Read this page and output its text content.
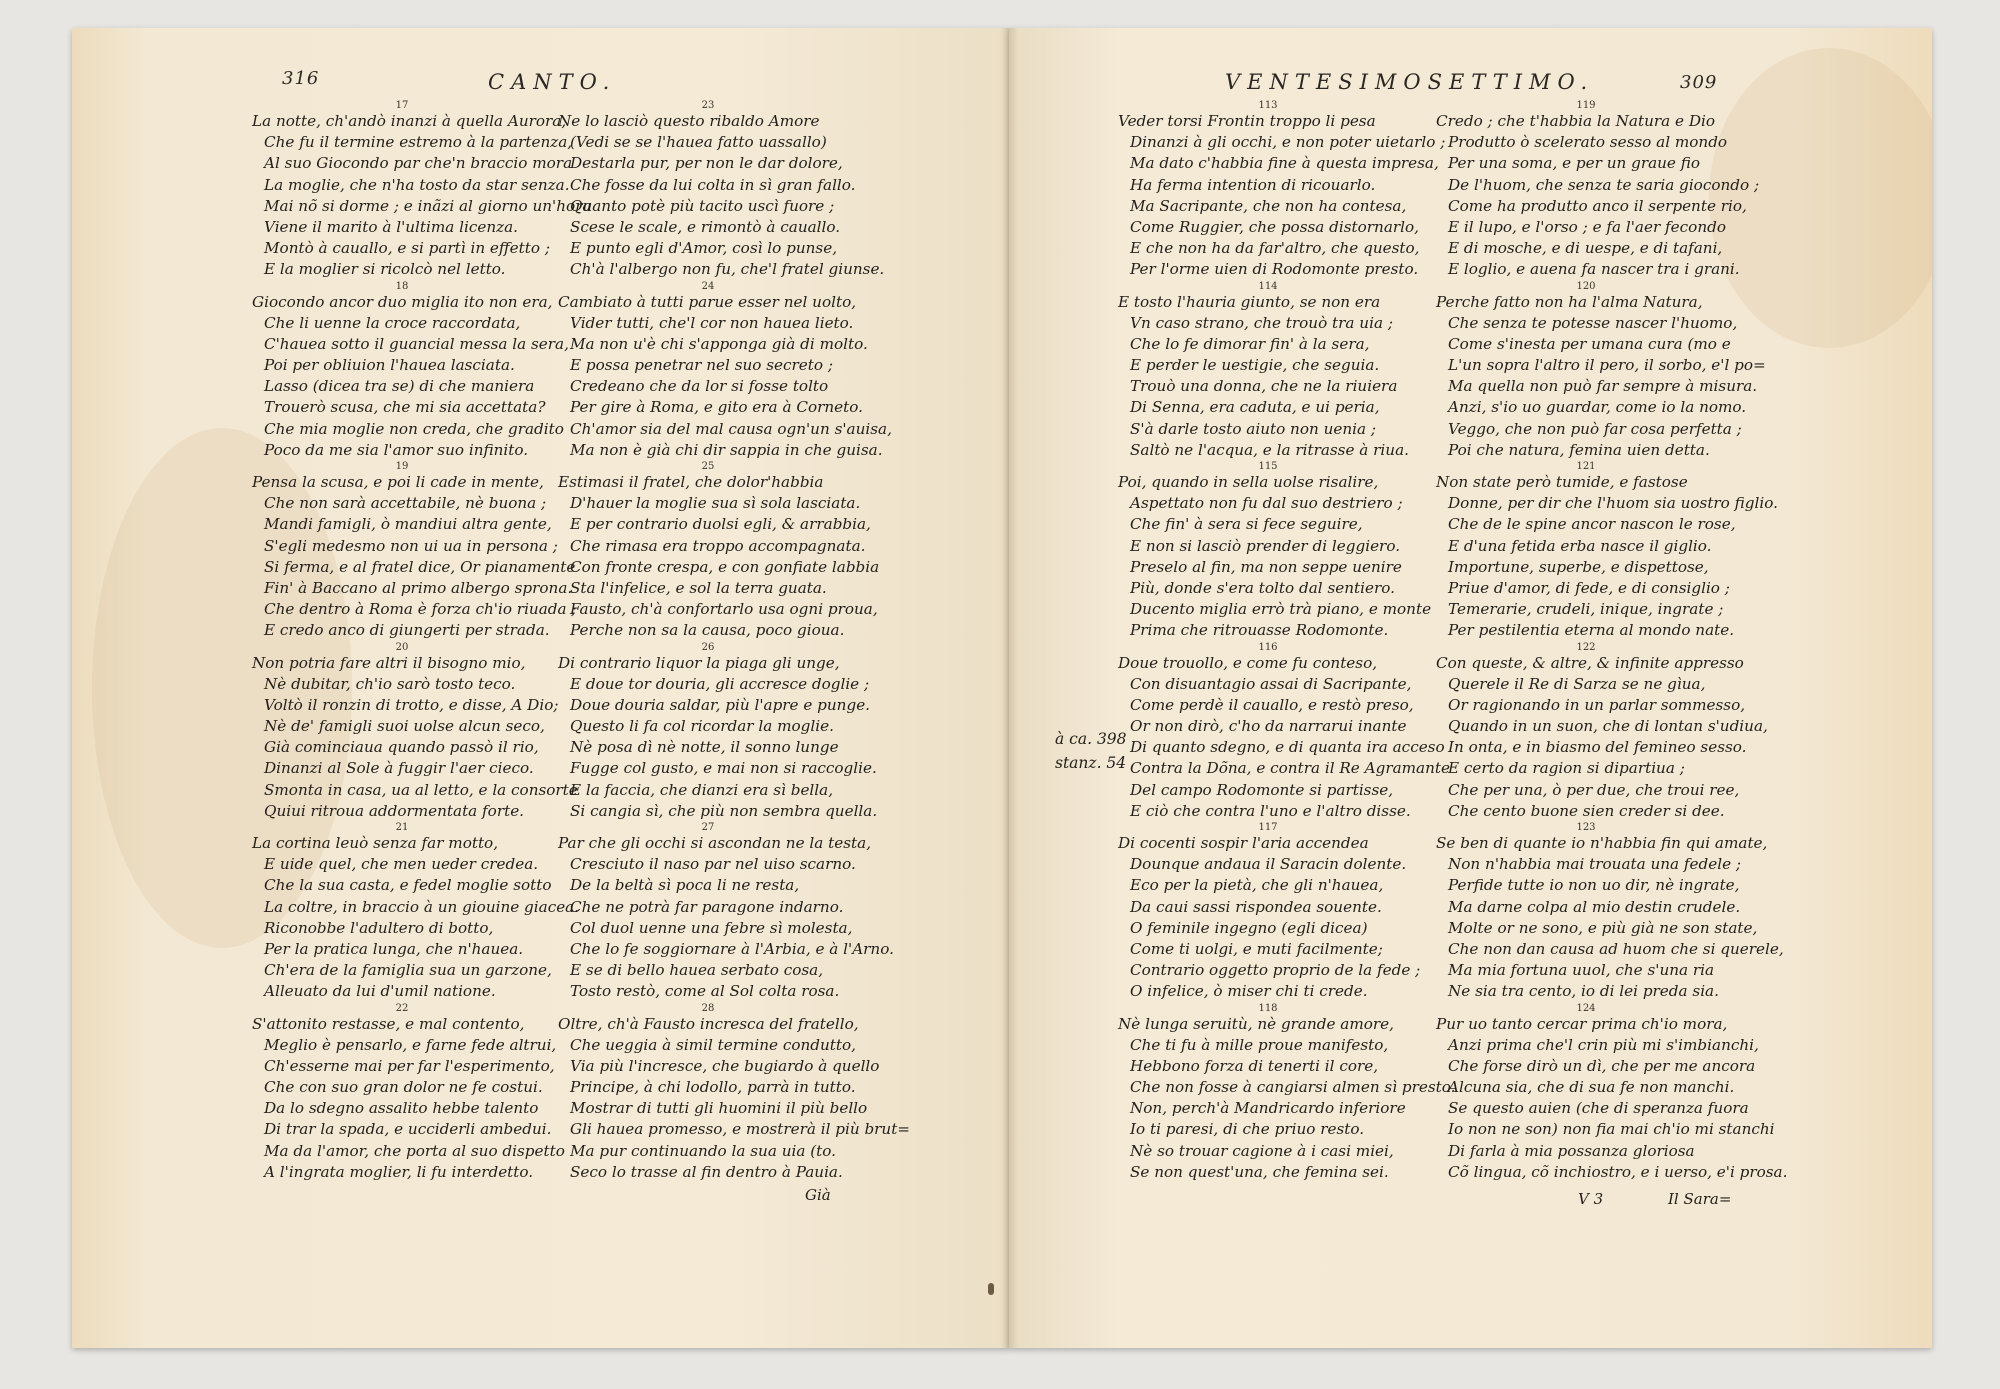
316	CANTO.	VENTESIMOSETTIMO.	309
17
La notte, ch'andò inanzi à quella Aurora,
Che fu il termine estremo à la partenza,
Al suo Giocondo par che'n braccio mora
La moglie, che n'ha tosto da star senza.
Mai nõ si dorme ; e inãzi al giorno un'hora
Viene il marito à l'ultima licenza.
Montò à cauallo, e si partì in effetto ;
E la moglier si ricolcò nel letto.
18
Giocondo ancor duo miglia ito non era,
Che li uenne la croce raccordata,
C'hauea sotto il guancial messa la sera,
Poi per obliuion l'hauea lasciata.
Lasso (dicea tra se) di che maniera
Trouerò scusa, che mi sia accettata?
Che mia moglie non creda, che gradito
Poco da me sia l'amor suo infinito.
19
Pensa la scusa, e poi li cade in mente,
Che non sarà accettabile, nè buona ;
Mandi famigli, ò mandiui altra gente,
S'egli medesmo non ui ua in persona ;
Si ferma, e al fratel dice, Or pianamente
Fin' à Baccano al primo albergo sprona.
Che dentro à Roma è forza ch'io riuada ;
E credo anco di giungerti per strada.
20
Non potria fare altri il bisogno mio,
Nè dubitar, ch'io sarò tosto teco.
Voltò il ronzin di trotto, e disse, A Dio;
Nè de' famigli suoi uolse alcun seco,
Già cominciaua quando passò il rio,
Dinanzi al Sole à fuggir l'aer cieco.
Smonta in casa, ua al letto, e la consorte
Quiui ritroua addormentata forte.
21
La cortina leuò senza far motto,
E uide quel, che men ueder credea.
Che la sua casta, e fedel moglie sotto
La coltre, in braccio à un giouine giacea.
Riconobbe l'adultero di botto,
Per la pratica lunga, che n'hauea.
Ch'era de la famiglia sua un garzone,
Alleuato da lui d'umil natione.
22
S'attonito restasse, e mal contento,
Meglio è pensarlo, e farne fede altrui,
Ch'esserne mai per far l'esperimento,
Che con suo gran dolor ne fe costui.
Da lo sdegno assalito hebbe talento
Di trar la spada, e ucciderli ambedui.
Ma da l'amor, che porta al suo dispetto
A l'ingrata moglier, li fu interdetto.
23
Ne lo lasciò questo ribaldo Amore
(Vedi se se l'hauea fatto uassallo)
Destarla pur, per non le dar dolore,
Che fosse da lui colta in sì gran fallo.
Quanto potè più tacito uscì fuore ;
Scese le scale, e rimontò à cauallo.
E punto egli d'Amor, così lo punse,
Ch'à l'albergo non fu, che'l fratel giunse.
24
Cambiato à tutti parue esser nel uolto,
Vider tutti, che'l cor non hauea lieto.
Ma non u'è chi s'apponga già di molto.
E possa penetrar nel suo secreto ;
Credeano che da lor si fosse tolto
Per gire à Roma, e gito era à Corneto.
Ch'amor sia del mal causa ogn'un s'auisa,
Ma non è già chi dir sappia in che guisa.
25
Estimasi il fratel, che dolor'habbia
D'hauer la moglie sua sì sola lasciata.
E per contrario duolsi egli, & arrabbia,
Che rimasa era troppo accompagnata.
Con fronte crespa, e con gonfiate labbia
Sta l'infelice, e sol la terra guata.
Fausto, ch'à confortarlo usa ogni proua,
Perche non sa la causa, poco gioua.
26
Di contrario liquor la piaga gli unge,
E doue tor douria, gli accresce doglie ;
Doue douria saldar, più l'apre e punge.
Questo li fa col ricordar la moglie.
Nè posa dì nè notte, il sonno lunge
Fugge col gusto, e mai non si raccoglie.
E la faccia, che dianzi era sì bella,
Si cangia sì, che più non sembra quella.
27
Par che gli occhi si ascondan ne la testa,
Cresciuto il naso par nel uiso scarno.
De la beltà sì poca li ne resta,
Che ne potrà far paragone indarno.
Col duol uenne una febre sì molesta,
Che lo fe soggiornare à l'Arbia, e à l'Arno.
E se di bello hauea serbato cosa,
Tosto restò, come al Sol colta rosa.
28
Oltre, ch'à Fausto incresca del fratello,
Che ueggia à simil termine condutto,
Via più l'incresce, che bugiardo à quello
Principe, à chi lodollo, parrà in tutto.
Mostrar di tutti gli huomini il più bello
Gli hauea promesso, e mostrerà il più brut=
Ma pur continuando la sua uia (to.
Seco lo trasse al fin dentro à Pauia.
113
Veder torsi Frontin troppo li pesa
Dinanzi à gli occhi, e non poter uietarlo ;
Ma dato c'habbia fine à questa impresa,
Ha ferma intention di ricouarlo.
Ma Sacripante, che non ha contesa,
Come Ruggier, che possa distornarlo,
E che non ha da far'altro, che questo,
Per l'orme uien di Rodomonte presto.
114
E tosto l'hauria giunto, se non era
Vn caso strano, che trouò tra uia ;
Che lo fe dimorar fin' à la sera,
E perder le uestigie, che seguia.
Trouò una donna, che ne la riuiera
Di Senna, era caduta, e ui peria,
S'à darle tosto aiuto non uenia ;
Saltò ne l'acqua, e la ritrasse à riua.
115
Poi, quando in sella uolse risalire,
Aspettato non fu dal suo destriero ;
Che fin' à sera si fece seguire,
E non si lasciò prender di leggiero.
Preselo al fin, ma non seppe uenire
Più, donde s'era tolto dal sentiero.
Ducento miglia errò trà piano, e monte
Prima che ritrouasse Rodomonte.
116
Doue trouollo, e come fu conteso,
Con disuantagio assai di Sacripante,
Come perdè il cauallo, e restò preso,
Or non dirò, c'ho da narrarui inante
Di quanto sdegno, e di quanta ira acceso
Contra la Dõna, e contra il Re Agramante
Del campo Rodomonte si partisse,
E ciò che contra l'uno e l'altro disse.
117
Di cocenti sospir l'aria accendea
Dounque andaua il Saracin dolente.
Eco per la pietà, che gli n'hauea,
Da caui sassi rispondea souente.
O feminile ingegno (egli dicea)
Come ti uolgi, e muti facilmente;
Contrario oggetto proprio de la fede ;
O infelice, ò miser chi ti crede.
118
Nè lunga seruitù, nè grande amore,
Che ti fu à mille proue manifesto,
Hebbono forza di tenerti il core,
Che non fosse à cangiarsi almen sì presto.
Non, perch'à Mandricardo inferiore
Io ti paresi, di che priuo resto.
Nè so trouar cagione à i casi miei,
Se non quest'una, che femina sei.
119
Credo ; che t'habbia la Natura e Dio
Produtto ò scelerato sesso al mondo
Per una soma, e per un graue fio
De l'huom, che senza te saria giocondo ;
Come ha produtto anco il serpente rio,
E il lupo, e l'orso ; e fa l'aer fecondo
E di mosche, e di uespe, e di tafani,
E loglio, e auena fa nascer tra i grani.
120
Perche fatto non ha l'alma Natura,
Che senza te potesse nascer l'huomo,
Come s'inesta per umana cura (mo e
L'un sopra l'altro il pero, il sorbo, e'l po=
Ma quella non può far sempre à misura.
Anzi, s'io uo guardar, come io la nomo.
Veggo, che non può far cosa perfetta ;
Poi che natura, femina uien detta.
121
Non state però tumide, e fastose
Donne, per dir che l'huom sia uostro figlio.
Che de le spine ancor nascon le rose,
E d'una fetida erba nasce il giglio.
Importune, superbe, e dispettose,
Priue d'amor, di fede, e di consiglio ;
Temerarie, crudeli, inique, ingrate ;
Per pestilentia eterna al mondo nate.
122
Con queste, & altre, & infinite appresso
Querele il Re di Sarza se ne gìua,
Or ragionando in un parlar sommesso,
Quando in un suon, che di lontan s'udiua,
In onta, e in biasmo del femineo sesso.
E certo da ragion si dipartiua ;
Che per una, ò per due, che troui ree,
Che cento buone sien creder si dee.
123
Se ben di quante io n'habbia fin qui amate,
Non n'habbia mai trouata una fedele ;
Perfide tutte io non uo dir, nè ingrate,
Ma darne colpa al mio destin crudele.
Molte or ne sono, e più già ne son state,
Che non dan causa ad huom che si querele,
Ma mia fortuna uuol, che s'una ria
Ne sia tra cento, io di lei preda sia.
124
Pur uo tanto cercar prima ch'io mora,
Anzi prima che'l crin più mi s'imbianchi,
Che forse dirò un dì, che per me ancora
Alcuna sia, che di sua fe non manchi.
Se questo auien (che di speranza fuora
Io non ne son) non fia mai ch'io mi stanchi
Di farla à mia possanza gloriosa
Cõ lingua, cõ inchiostro, e i uerso, e'i prosa.
à ca. 398
stanz. 54
Già	V 3	Il Sara=
